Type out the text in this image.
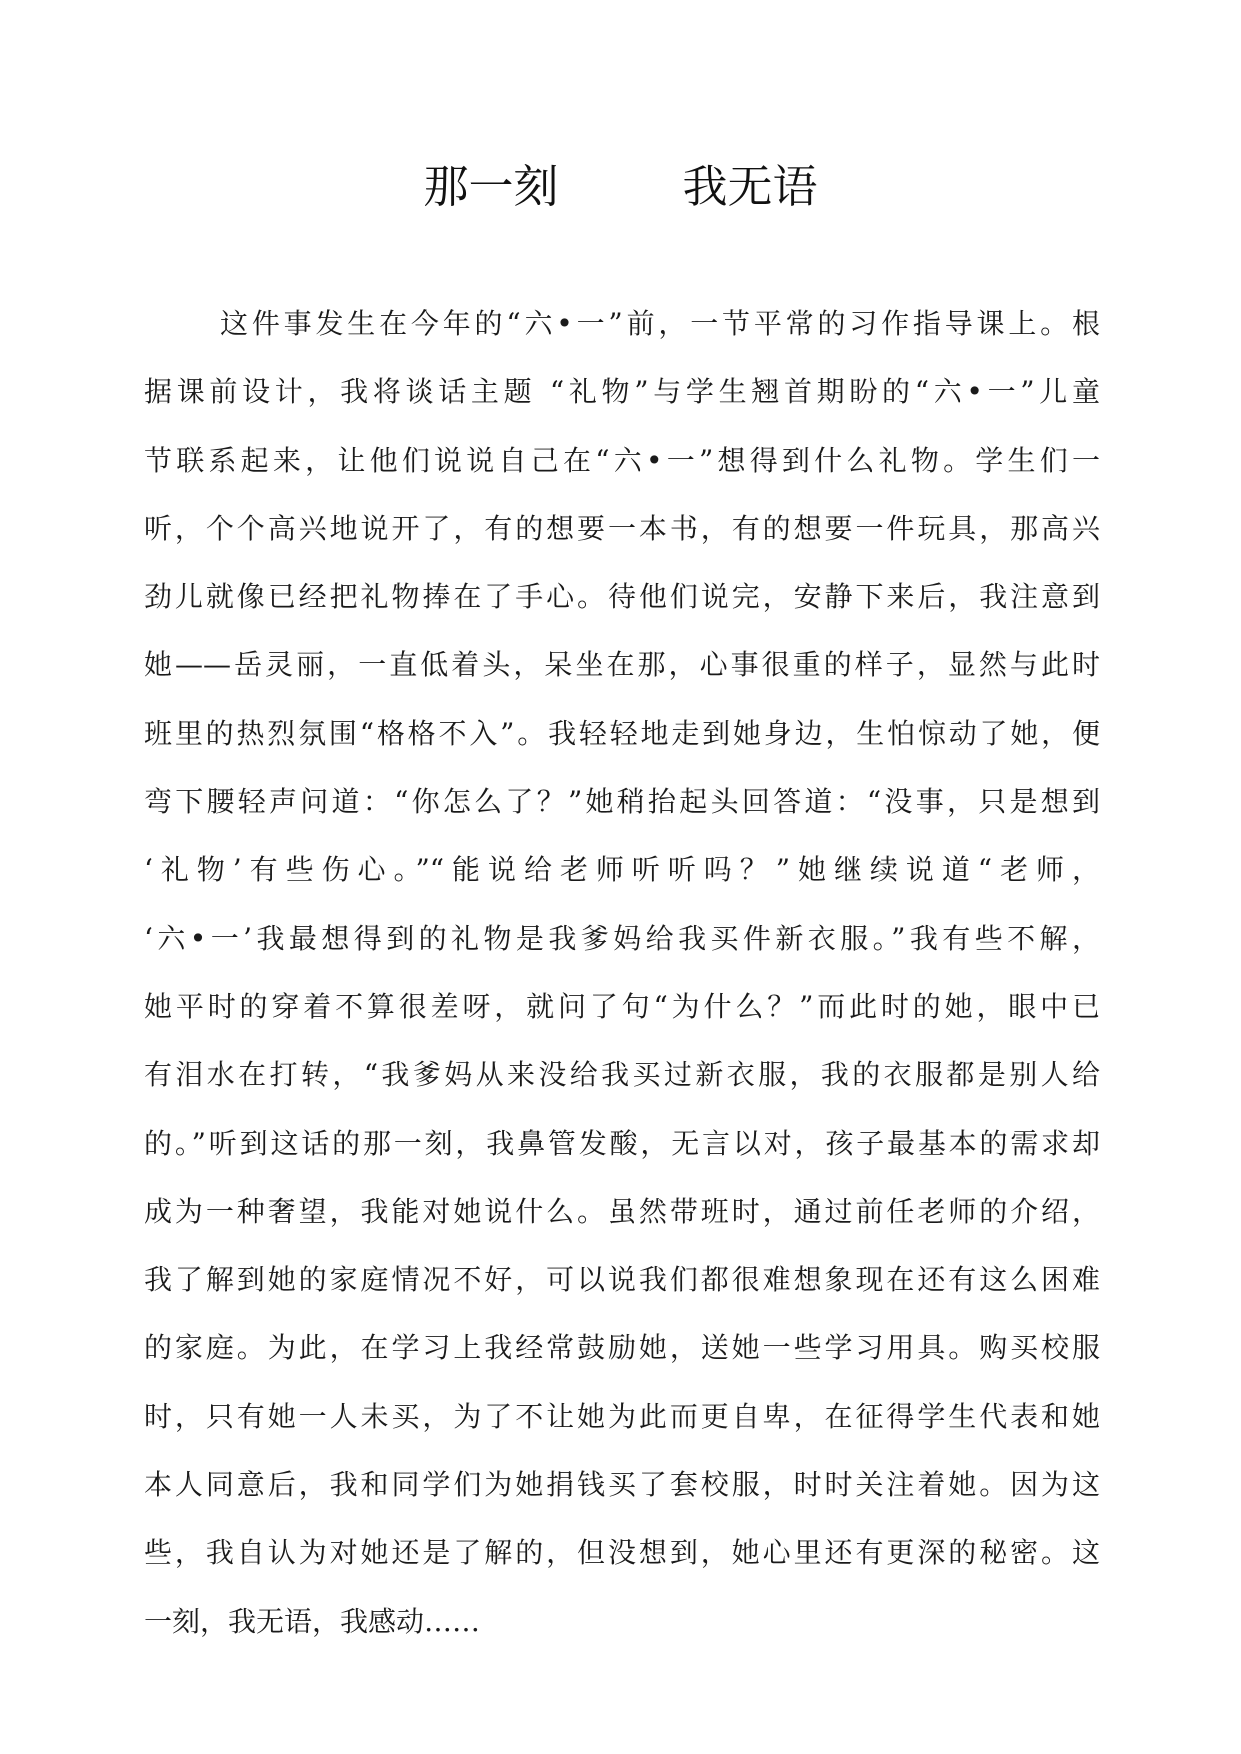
那一刻	我无语
这件事发生在今年的“六•一”前，一节平常的习作指导课上。根
据课前设计，我将谈话主题 “礼物”与学生翘首期盼的“六•一”儿童
节联系起来，让他们说说自己在“六•一”想得到什么礼物。学生们一
听，个个高兴地说开了，有的想要一本书，有的想要一件玩具，那高兴
劲儿就像已经把礼物捧在了手心。待他们说完，安静下来后，我注意到
她——岳灵丽，一直低着头，呆坐在那，心事很重的样子，显然与此时
班里的热烈氛围“格格不入”。我轻轻地走到她身边，生怕惊动了她，便
弯下腰轻声问道：“你怎么了？”她稍抬起头回答道：“没事，只是想到
‘礼物’有些伤心。”“能说给老师听听吗？”她继续说道“老师，
‘六•一’我最想得到的礼物是我爹妈给我买件新衣服。”我有些不解，
她平时的穿着不算很差呀，就问了句“为什么？”而此时的她，眼中已
有泪水在打转，“我爹妈从来没给我买过新衣服，我的衣服都是别人给
的。”听到这话的那一刻，我鼻管发酸，无言以对，孩子最基本的需求却
成为一种奢望，我能对她说什么。虽然带班时，通过前任老师的介绍，
我了解到她的家庭情况不好，可以说我们都很难想象现在还有这么困难
的家庭。为此，在学习上我经常鼓励她，送她一些学习用具。购买校服
时，只有她一人未买，为了不让她为此而更自卑，在征得学生代表和她
本人同意后，我和同学们为她捐钱买了套校服，时时关注着她。因为这
些，我自认为对她还是了解的，但没想到，她心里还有更深的秘密。这
一刻，我无语，我感动……
